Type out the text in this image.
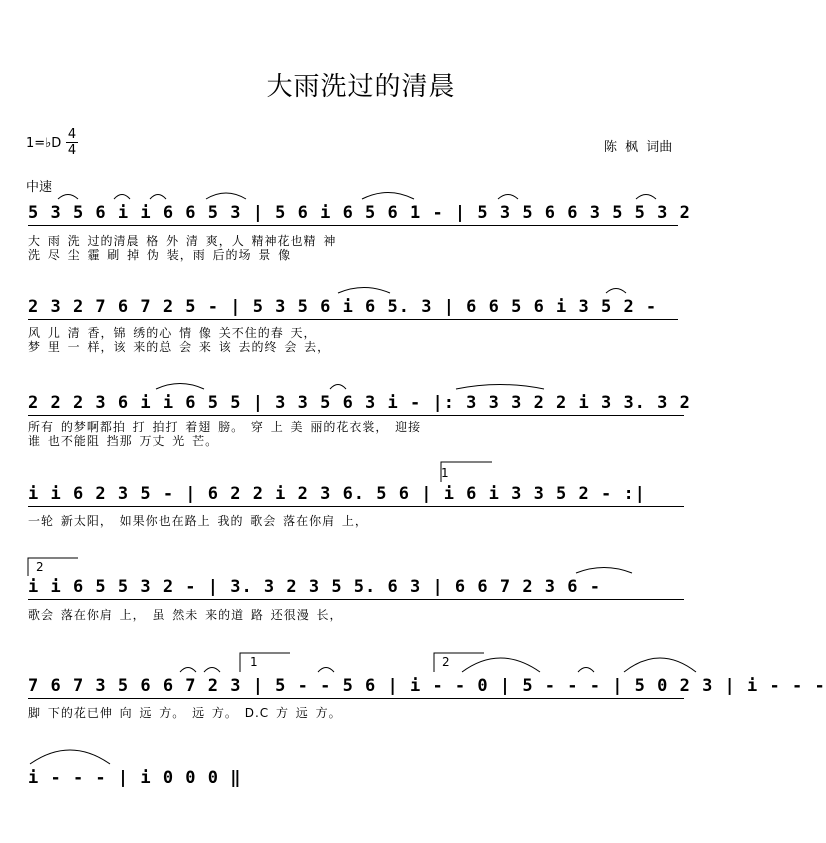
大雨洗过的清晨
1=♭D
4
4	陈 枫 词曲
中速
5 3 5 6 i i 6 6 5 3 | 5 6 i 6 5 6 1 - | 5 3 5 6 6 3 5 5 3 2
大 雨 洗 过的清晨 格 外 清 爽，人 精神花也精 神
洗 尽 尘 霾 刷 掉 伪 装，雨 后的场 景 像
2 3 2 7 6 7 2 5 - | 5 3 5 6 i 6 5. 3 | 6 6 5 6 i 3 5 2 -
风 儿 清 香，锦 绣的心 情 像 关不住的春 天，
梦 里 一 样，该 来的总 会 来 该 去的终 会 去，
2 2 2 3 6 i i 6 5 5 | 3 3 5 6 3 i - |: 3 3 3 2 2 i 3 3. 3 2
所有 的梦啊都拍 打 拍打 着翅 膀。 穿 上 美 丽的花衣裳， 迎接
谁 也不能阻 挡那 万丈 光 芒。
1
i i 6 2 3 5 - | 6 2 2 i 2 3 6. 5 6 | i 6 i 3 3 5 2 - :|
一轮 新太阳， 如果你也在路上 我的 歌会 落在你肩 上，
2
i i 6 5 5 3 2 - | 3. 3 2 3 5 5. 6 3 | 6 6 7 2 3 6 -
歌会 落在你肩 上， 虽 然未 来的道 路 还很漫 长，
1	2
7 6 7 3 5 6 6 7 2 3 | 5 - - 5 6 | i - - 0 | 5 - - - | 5 0 2 3 | i - - -
脚 下的花已伸 向 远 方。 远 方。 D.C 方 远 方。
i - - - | i 0 0 0 ‖
